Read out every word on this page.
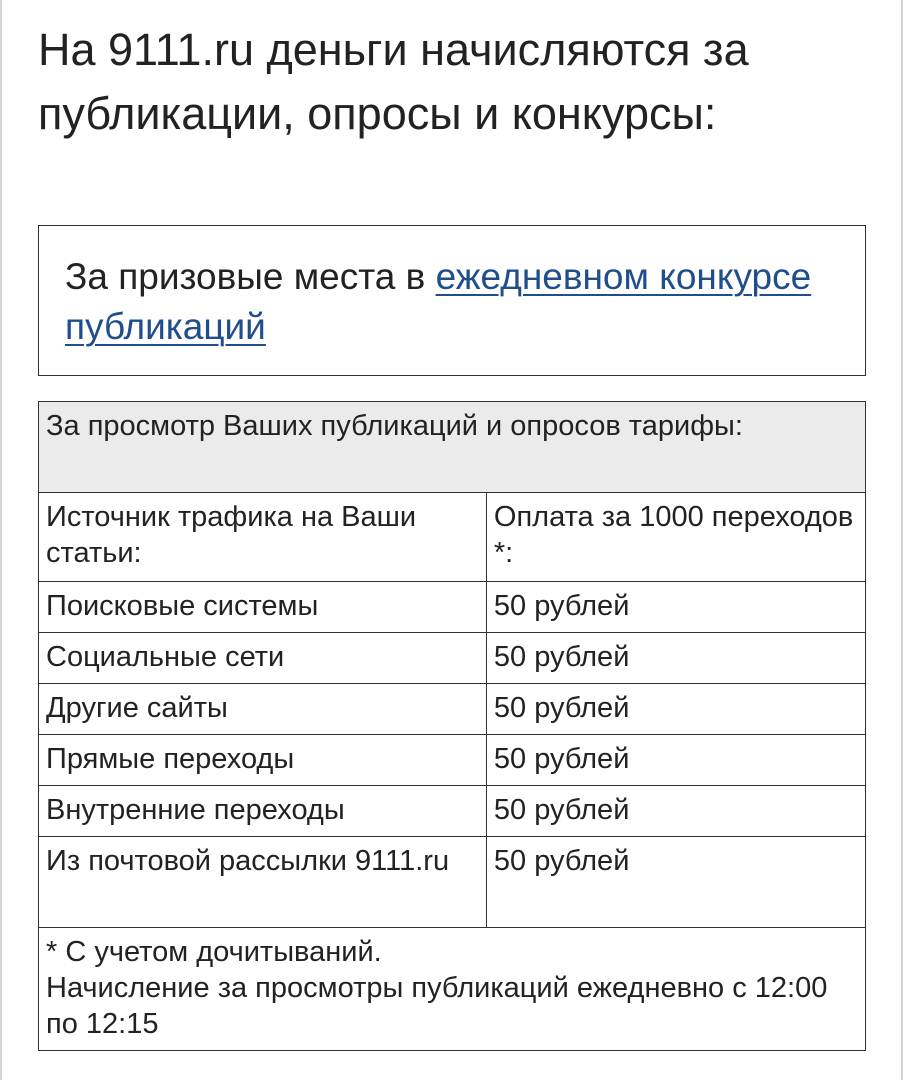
На 9111.ru деньги начисляются за публикации, опросы и конкурсы:
За призовые места в ежедневном конкурсе публикаций
За просмотр Ваших публикаций и опросов тарифы:	
Источник трафика на Ваши статьи:	Оплата за 1000 переходов *:
Поисковые системы	50 рублей
Социальные сети	50 рублей
Другие сайты	50 рублей
Прямые переходы	50 рублей
Внутренние переходы	50 рублей
Из почтовой рассылки 9111.ru	50 рублей

* С учетом дочитываний.
Начисление за просмотры публикаций ежедневно с 12:00 по 12:15	
